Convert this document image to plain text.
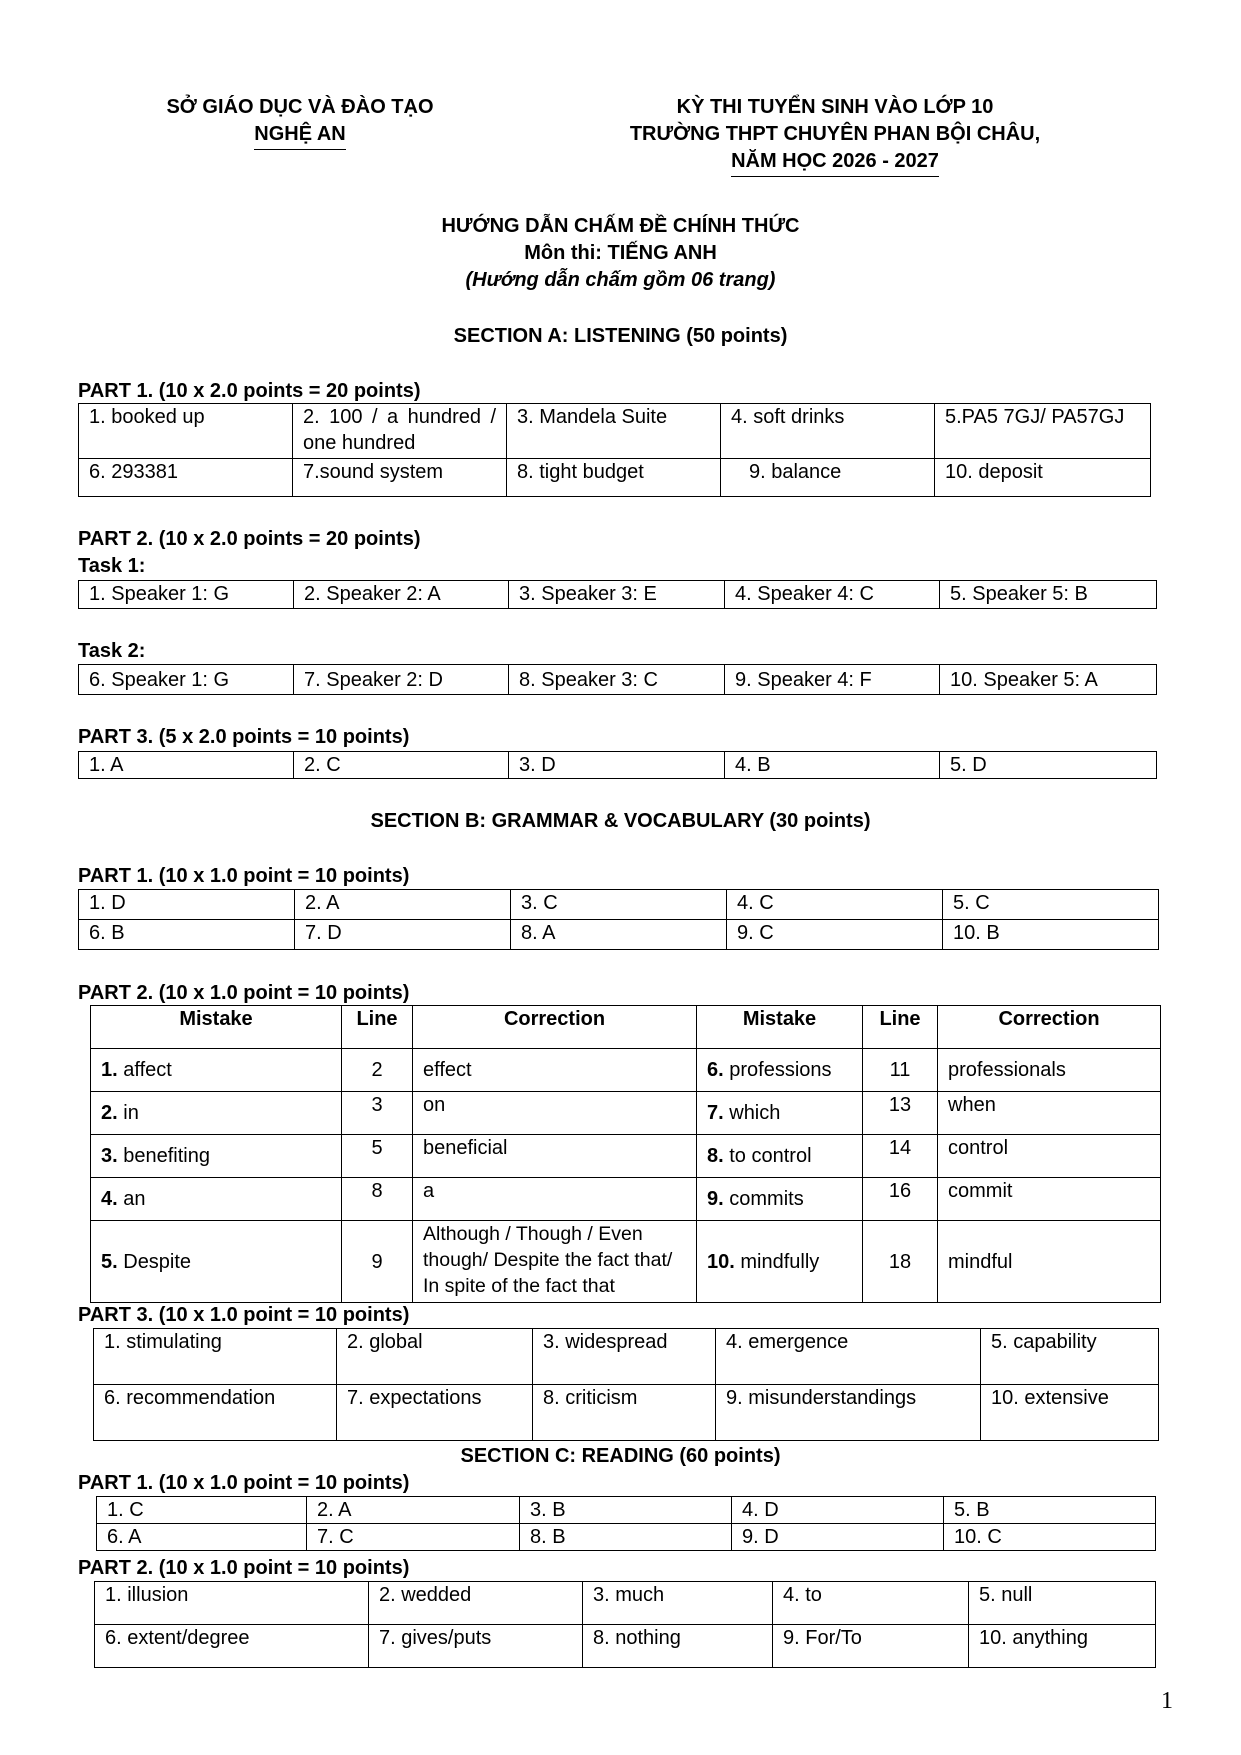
SỞ GIÁO DỤC VÀ ĐÀO TẠO
NGHỆ AN
KỲ THI TUYỂN SINH VÀO LỚP 10
TRƯỜNG THPT CHUYÊN PHAN BỘI CHÂU,
NĂM HỌC 2026 - 2027
HƯỚNG DẪN CHẤM ĐỀ CHÍNH THỨC
Môn thi: TIẾNG ANH
(Hướng dẫn chấm gồm 06 trang)
SECTION A: LISTENING (50 points)
PART 1. (10 x 2.0 points = 20 points)
1. booked up	2. 100 / a hundred / one hundred	3. Mandela Suite	4. soft drinks	5.PA5 7GJ/ PA57GJ
6. 293381	7.sound system	8. tight budget	9. balance	10. deposit
PART 2. (10 x 2.0 points = 20 points)
Task 1:
1. Speaker 1: G	2. Speaker 2: A	3. Speaker 3: E	4. Speaker 4: C	5. Speaker 5: B
Task 2:
6. Speaker 1: G	7. Speaker 2: D	8. Speaker 3: C	9. Speaker 4: F	10. Speaker 5: A
PART 3. (5 x 2.0 points = 10 points)
1. A	2. C	3. D	4. B	5. D
SECTION B: GRAMMAR & VOCABULARY (30 points)
PART 1. (10 x 1.0 point = 10 points)
1. D	2. A	3. C	4. C	5. C
6. B	7. D	8. A	9. C	10. B
PART 2. (10 x 1.0 point = 10 points)
Mistake	Line	Correction	Mistake	Line	Correction
1. affect	2	effect	6. professions	11	professionals
2. in	3	on	7. which	13	when
3. benefiting	5	beneficial	8. to control	14	control
4. an	8	a	9. commits	16	commit
5. Despite	9	Although / Though / Even though/ Despite the fact that/ In spite of the fact that	10. mindfully	18	mindful
PART 3. (10 x 1.0 point = 10 points)
1. stimulating	2. global	3. widespread	4. emergence	5. capability
6. recommendation	7. expectations	8. criticism	9. misunderstandings	10. extensive
SECTION C: READING (60 points)
PART 1. (10 x 1.0 point = 10 points)
1. C	2. A	3. B	4. D	5. B
6. A	7. C	8. B	9. D	10. C
PART 2. (10 x 1.0 point = 10 points)
1. illusion	2. wedded	3. much	4. to	5. null
6. extent/degree	7. gives/puts	8. nothing	9. For/To	10. anything
1
